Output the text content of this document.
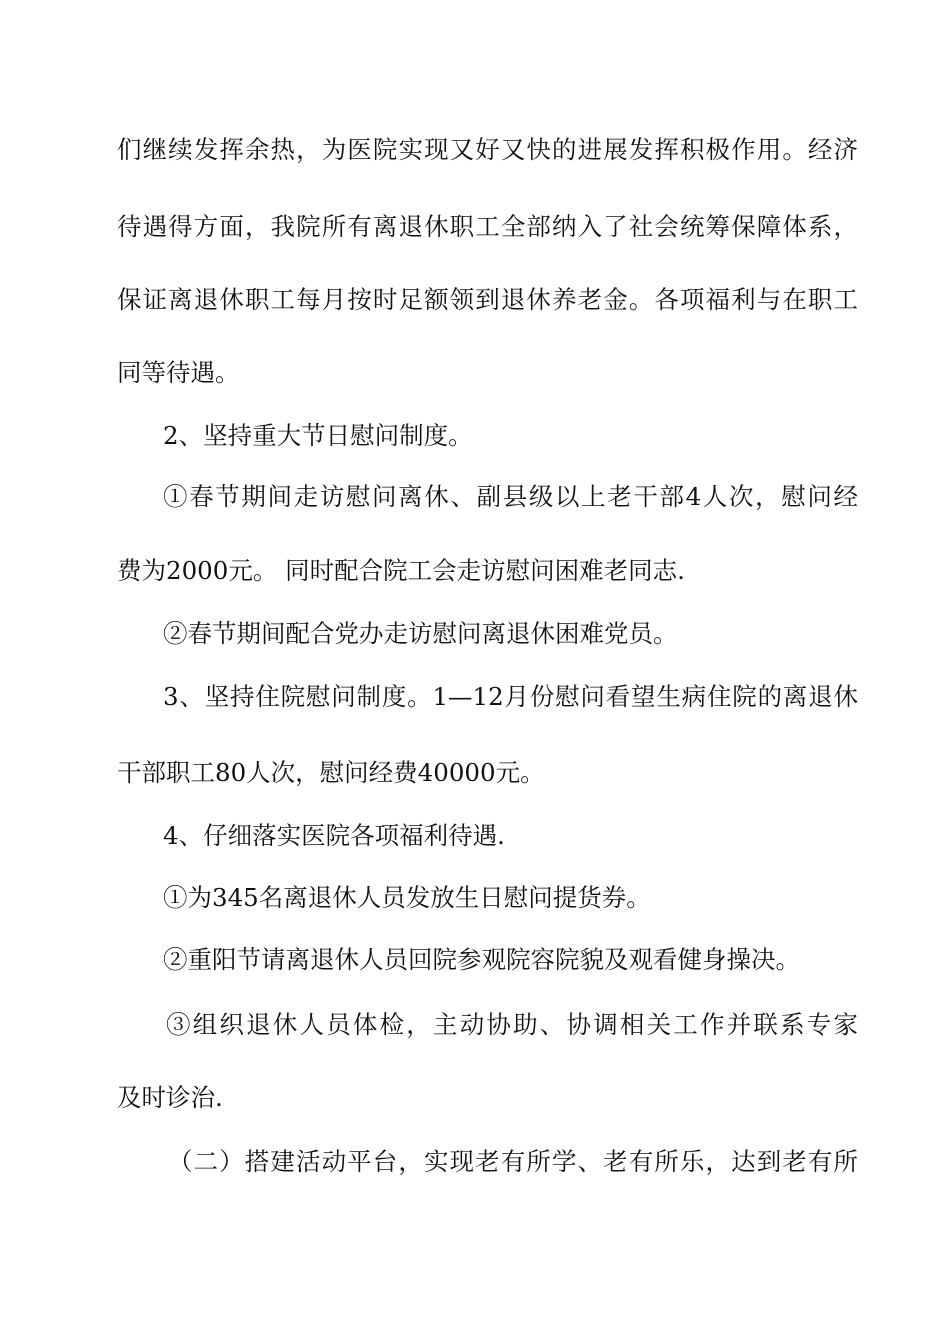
们继续发挥余热，为医院实现又好又快的进展发挥积极作用。经济
待遇得方面，我院所有离退休职工全部纳入了社会统筹保障体系，
保证离退休职工每月按时足额领到退休养老金。各项福利与在职工
同等待遇。
2、坚持重大节日慰问制度。
①春节期间走访慰问离休、副县级以上老干部4人次，慰问经
费为2000元。 同时配合院工会走访慰问困难老同志.
②春节期间配合党办走访慰问离退休困难党员。
3、坚持住院慰问制度。1—12月份慰问看望生病住院的离退休
干部职工80人次，慰问经费40000元。
4、仔细落实医院各项福利待遇.
①为345名离退休人员发放生日慰问提货券。
②重阳节请离退休人员回院参观院容院貌及观看健身操决。
③组织退休人员体检，主动协助、协调相关工作并联系专家
及时诊治.
（二）搭建活动平台，实现老有所学、老有所乐，达到老有所
